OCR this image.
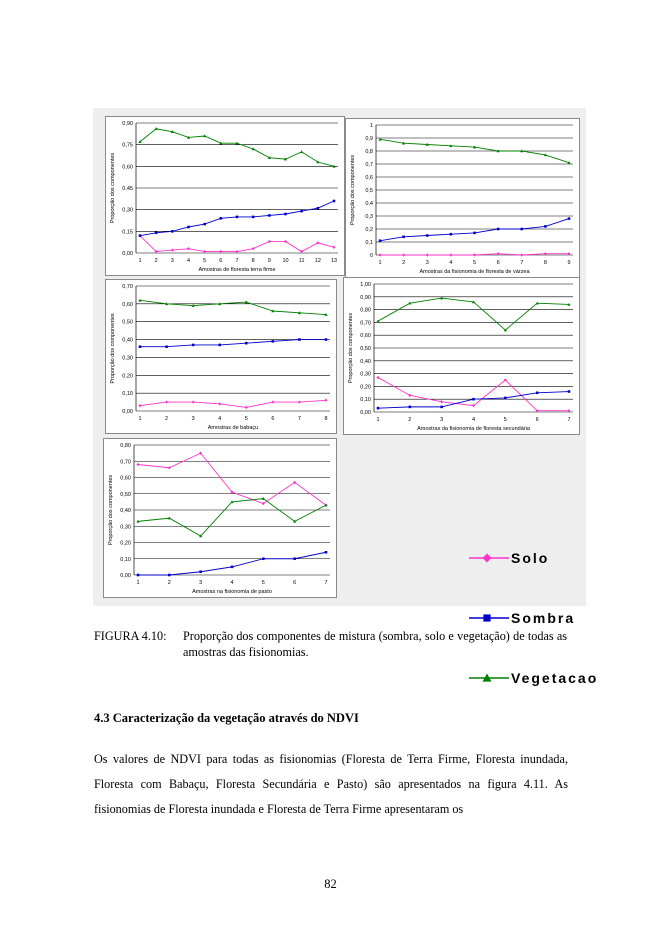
0,00
0,15
0,30
0,45
0,60
0,75
0,90
1 2 3 4 5 6 7 8 9 10 11 12 13
Amostras de floresta terra firme
Proporção dos componentes
0
0,1
0,2
0,3
0,4
0,5
0,6
0,7
0,8
0,9
1
1	2	3	4	5	6	7	8	9
Amostras da fisionomia de floresta de várzea
Proporção dos componentes
0,00
0,10
0,20
0,30
0,40
0,50
0,60
0,70
1	2	3	4	5	6	7	8
Amostras de babaçu
Proporção dos componentes
0,00
0,10
0,20
0,30
0,40
0,50
0,60
0,70
0,80
0,90
1,00
1	2	3	4	5	6	7
Amostras da fisionomia de floresta secundária
Proporção dos componentes
0,00
0,10
0,20
0,30
0,40
0,50
0,60
0,70
0,80
1	2	3	4	5	6	7
Amostras na fisionomia de pasto
Proporção dos componentes
Solo
Sombra
Vegetacao
FIGURA 4.10: Proporção dos componentes de mistura (sombra, solo e vegetação) de todas as amostras das fisionomias.
4.3 Caracterização da vegetação através do NDVI
Os valores de NDVI para todas as fisionomias (Floresta de Terra Firme, Floresta inundada, Floresta com Babaçu, Floresta Secundária e Pasto) são apresentados na figura 4.11. As fisionomias de Floresta inundada e Floresta de Terra Firme apresentaram os
82
